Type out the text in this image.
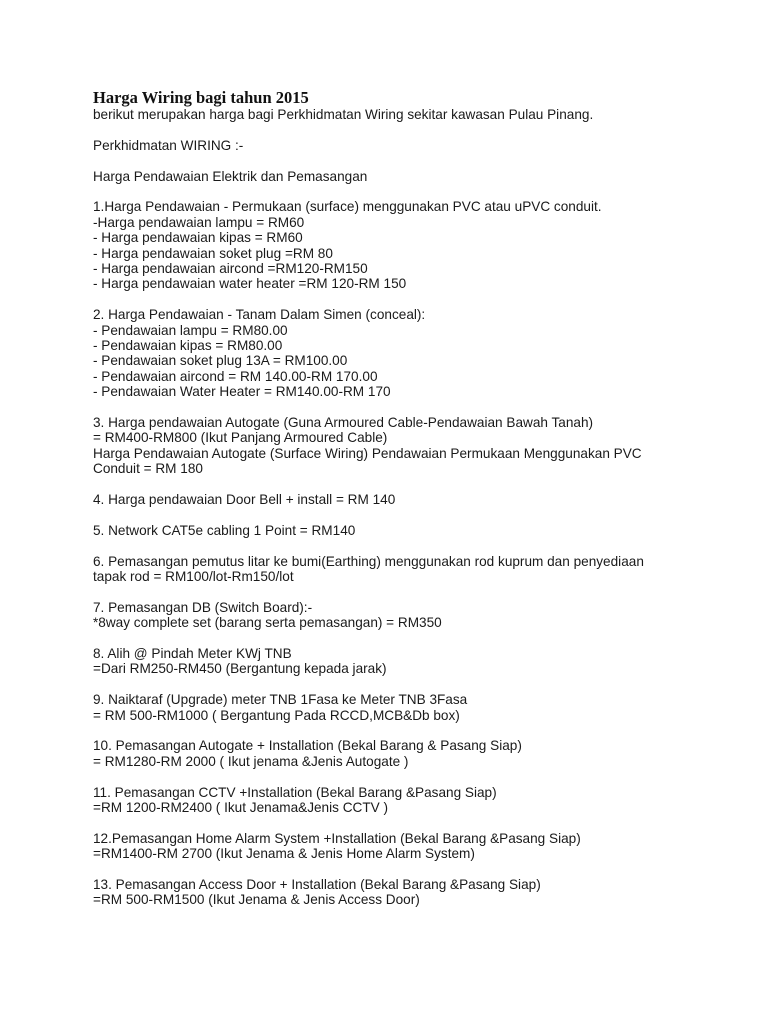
Harga Wiring bagi tahun 2015

berikut merupakan harga bagi Perkhidmatan Wiring sekitar kawasan Pulau Pinang.

Perkhidmatan WIRING :-

Harga Pendawaian Elektrik dan Pemasangan

1.Harga Pendawaian - Permukaan (surface) menggunakan PVC atau uPVC conduit.

-Harga pendawaian lampu = RM60

- Harga pendawaian kipas = RM60

- Harga pendawaian soket plug =RM 80

- Harga pendawaian aircond =RM120-RM150

- Harga pendawaian water heater =RM 120-RM 150

2. Harga Pendawaian - Tanam Dalam Simen (conceal):

- Pendawaian lampu = RM80.00

- Pendawaian kipas = RM80.00

- Pendawaian soket plug 13A = RM100.00

- Pendawaian aircond = RM 140.00-RM 170.00

- Pendawaian Water Heater = RM140.00-RM 170

3. Harga pendawaian Autogate (Guna Armoured Cable-Pendawaian Bawah Tanah)

= RM400-RM800 (Ikut Panjang Armoured Cable)

Harga Pendawaian Autogate (Surface Wiring) Pendawaian Permukaan Menggunakan PVC

Conduit = RM 180

4. Harga pendawaian Door Bell + install = RM 140

5. Network CAT5e cabling 1 Point = RM140

6. Pemasangan pemutus litar ke bumi(Earthing) menggunakan rod kuprum dan penyediaan

tapak rod = RM100/lot-Rm150/lot

7. Pemasangan DB (Switch Board):-

*8way complete set (barang serta pemasangan) = RM350

8. Alih @ Pindah Meter KWj TNB

=Dari RM250-RM450 (Bergantung kepada jarak)

9. Naiktaraf (Upgrade) meter TNB 1Fasa ke Meter TNB 3Fasa

= RM 500-RM1000 ( Bergantung Pada RCCD,MCB&Db box)

10. Pemasangan Autogate + Installation (Bekal Barang & Pasang Siap)

= RM1280-RM 2000 ( Ikut jenama &Jenis Autogate )

11. Pemasangan CCTV +Installation (Bekal Barang &Pasang Siap)

=RM 1200-RM2400 ( Ikut Jenama&Jenis CCTV )

12.Pemasangan Home Alarm System +Installation (Bekal Barang &Pasang Siap)

=RM1400-RM 2700 (Ikut Jenama & Jenis Home Alarm System)

13. Pemasangan Access Door + Installation (Bekal Barang &Pasang Siap)

=RM 500-RM1500 (Ikut Jenama & Jenis Access Door)
